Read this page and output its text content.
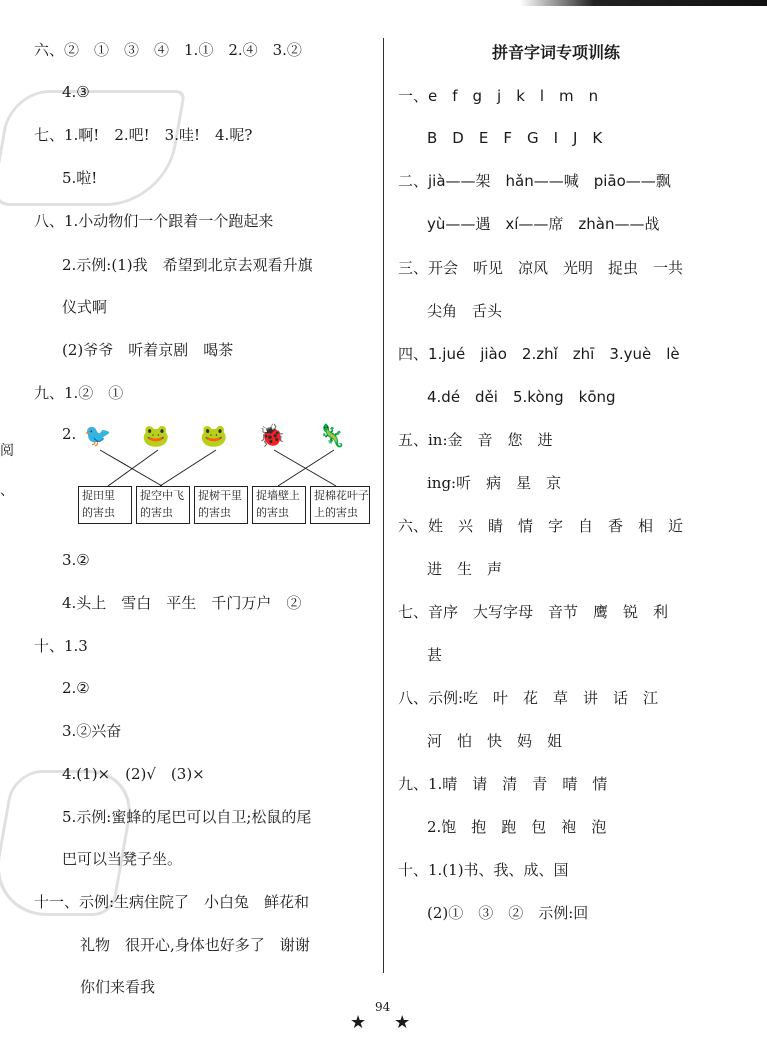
六、②　①　③　④　1.①　2.④　3.②
4.③
七、1.啊!　2.吧!　3.哇!　4.呢?
5.啦!
八、1.小动物们一个跟着一个跑起来
2.示例:(1)我　希望到北京去观看升旗
仪式啊
(2)爷爷　听着京剧　喝茶
九、1.②　①
2. 🐦 🐸 🐸 🐞 🦎
捉田里
的害虫
捉空中飞
的害虫
捉树干里
的害虫
捉墙壁上
的害虫
捉棉花叶子
上的害虫
3.②
4.头上　雪白　平生　千门万户　②
十、1.3
2.②
3.②兴奋
4.(1)×　(2)√　(3)×
5.示例:蜜蜂的尾巴可以自卫;松鼠的尾
巴可以当凳子坐。
十一、示例:生病住院了　小白兔　鲜花和
礼物　很开心,身体也好多了　谢谢
你们来看我
阅
、
拼音字词专项训练
一、e　f　g　j　k　l　m　n
B　D　E　F　G　I　J　K
二、jià——架　hǎn——喊　piāo——飘
yù——遇　xí——席　zhàn——战
三、开会　听见　凉风　光明　捉虫　一共
尖角　舌头
四、1.jué　jiào　2.zhǐ　zhī　3.yuè　lè
4.dé　děi　5.kòng　kōng
五、in:金　音　您　进
ing:听　病　星　京
六、姓　兴　睛　情　字　自　香　相　近
进　生　声
七、音序　大写字母　音节　鹰　锐　利
甚
八、示例:吃　叶　花　草　讲　话　江
河　怕　快　妈　姐
九、1.晴　请　清　青　晴　情
2.饱　抱　跑　包　袍　泡
十、1.(1)书、我、成、国
(2)①　③　②　示例:回
94
★★
